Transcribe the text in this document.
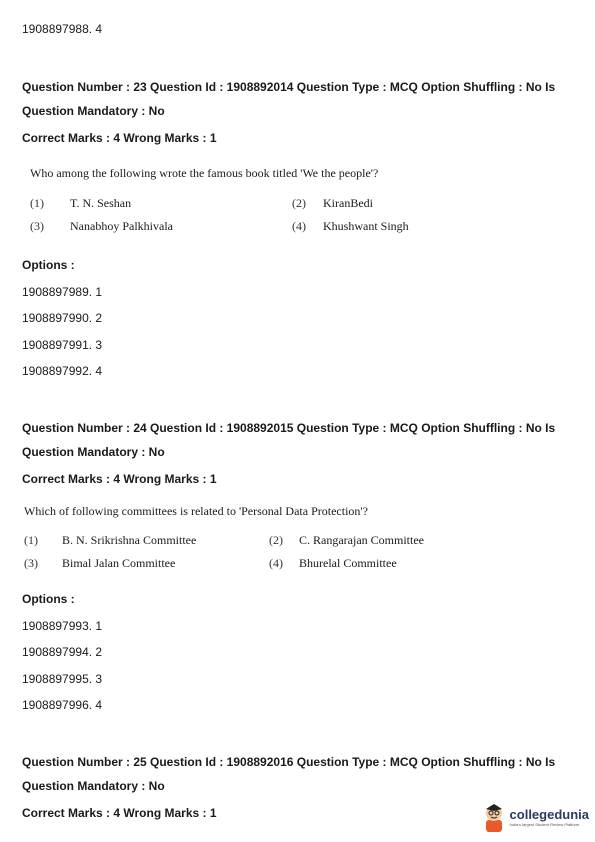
1908897988. 4
Question Number : 23 Question Id : 1908892014 Question Type : MCQ Option Shuffling : No Is
Question Mandatory : No
Correct Marks : 4 Wrong Marks : 1
Who among the following wrote the famous book titled 'We the people'?
(1) T. N. Seshan	(2) KiranBedi
(3) Nanabhoy Palkhivala	(4) Khushwant Singh
Options :
1908897989. 1
1908897990. 2
1908897991. 3
1908897992. 4
Question Number : 24 Question Id : 1908892015 Question Type : MCQ Option Shuffling : No Is
Question Mandatory : No
Correct Marks : 4 Wrong Marks : 1
Which of following committees is related to 'Personal Data Protection'?
(1) B. N. Srikrishna Committee	(2) C. Rangarajan Committee
(3) Bimal Jalan Committee	(4) Bhurelal Committee
Options :
1908897993. 1
1908897994. 2
1908897995. 3
1908897996. 4
Question Number : 25 Question Id : 1908892016 Question Type : MCQ Option Shuffling : No Is
Question Mandatory : No
Correct Marks : 4 Wrong Marks : 1	collegedunia
India's largest Student Review Platform
